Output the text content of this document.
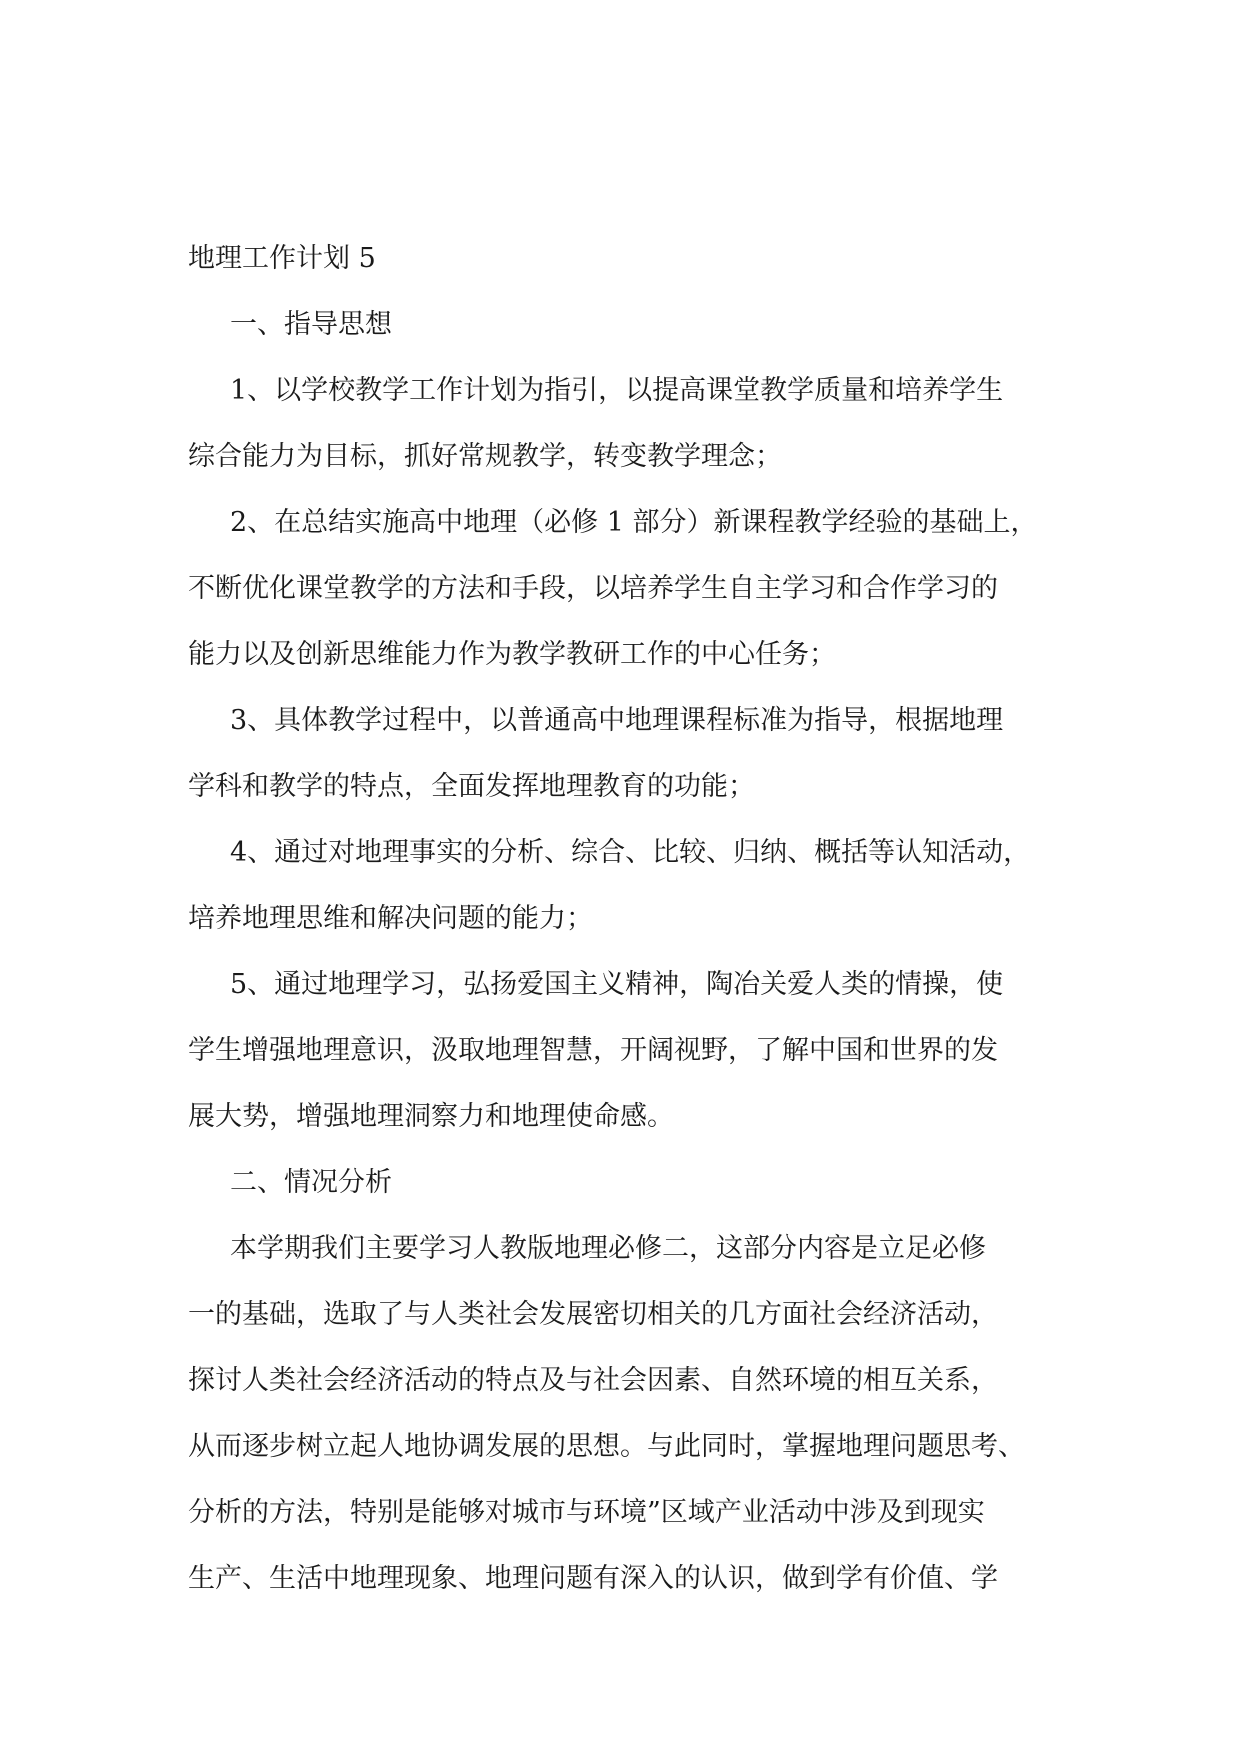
地理工作计划 5
一、指导思想
1、以学校教学工作计划为指引，以提高课堂教学质量和培养学生
综合能力为目标，抓好常规教学，转变教学理念；
2、在总结实施高中地理（必修 1 部分）新课程教学经验的基础上，
不断优化课堂教学的方法和手段，以培养学生自主学习和合作学习的
能力以及创新思维能力作为教学教研工作的中心任务；
3、具体教学过程中，以普通高中地理课程标准为指导，根据地理
学科和教学的特点，全面发挥地理教育的功能；
4、通过对地理事实的分析、综合、比较、归纳、概括等认知活动，
培养地理思维和解决问题的能力；
5、通过地理学习，弘扬爱国主义精神，陶冶关爱人类的情操，使
学生增强地理意识，汲取地理智慧，开阔视野，了解中国和世界的发
展大势，增强地理洞察力和地理使命感。
二、情况分析
本学期我们主要学习人教版地理必修二，这部分内容是立足必修
一的基础，选取了与人类社会发展密切相关的几方面社会经济活动，
探讨人类社会经济活动的特点及与社会因素、自然环境的相互关系，
从而逐步树立起人地协调发展的思想。与此同时，掌握地理问题思考、
分析的方法，特别是能够对城市与环境”区域产业活动中涉及到现实
生产、生活中地理现象、地理问题有深入的认识，做到学有价值、学
